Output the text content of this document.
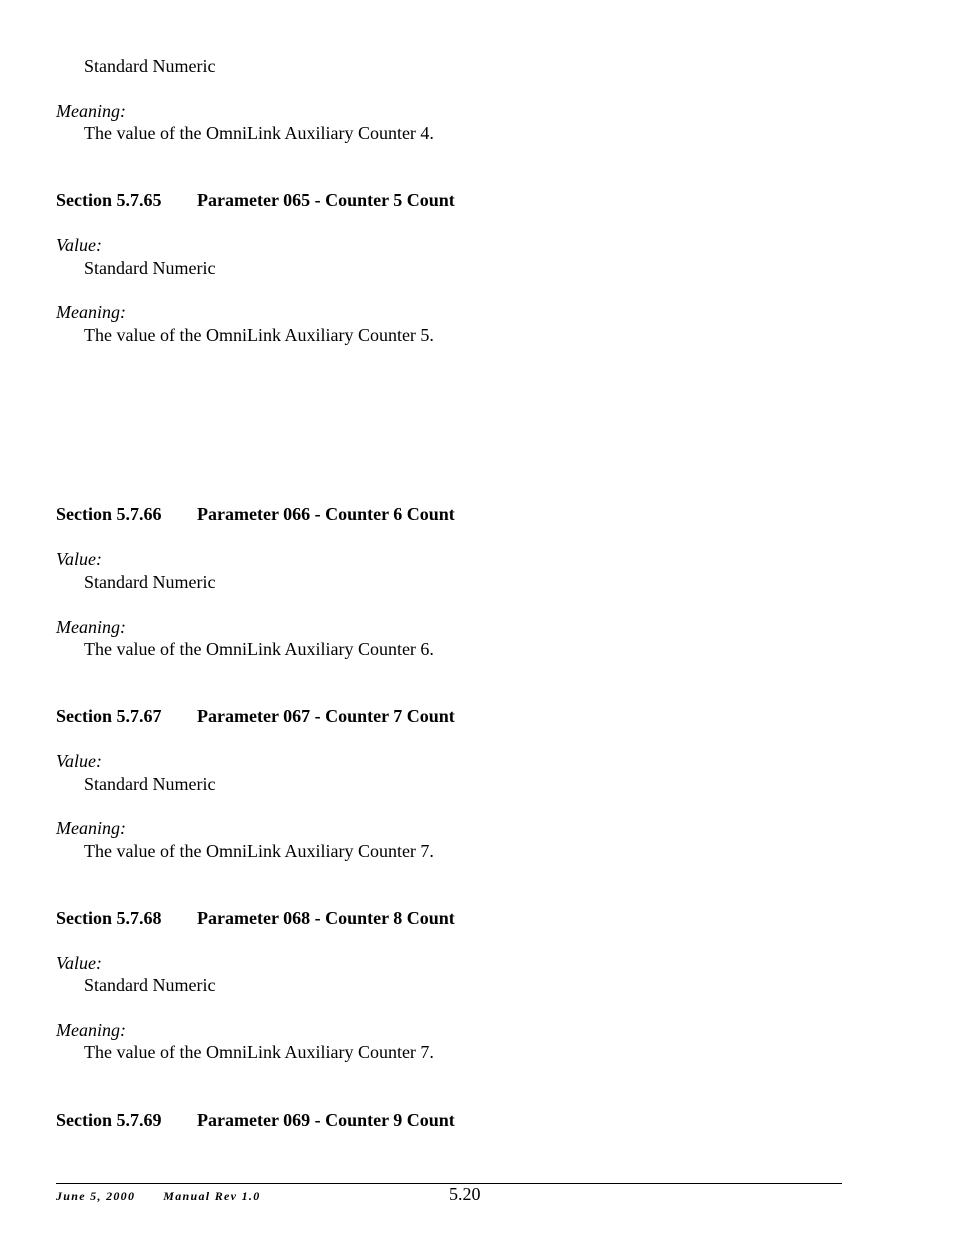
Standard Numeric
Meaning:
The value of the OmniLink Auxiliary Counter 4.
Section 5.7.65 Parameter 065 - Counter 5 Count
Value:
Standard Numeric
Meaning:
The value of the OmniLink Auxiliary Counter 5.
Section 5.7.66 Parameter 066 - Counter 6 Count
Value:
Standard Numeric
Meaning:
The value of the OmniLink Auxiliary Counter 6.
Section 5.7.67 Parameter 067 - Counter 7 Count
Value:
Standard Numeric
Meaning:
The value of the OmniLink Auxiliary Counter 7.
Section 5.7.68 Parameter 068 - Counter 8 Count
Value:
Standard Numeric
Meaning:
The value of the OmniLink Auxiliary Counter 7.
Section 5.7.69 Parameter 069 - Counter 9 Count
June 5, 2000 Manual Rev 1.0	5.20
